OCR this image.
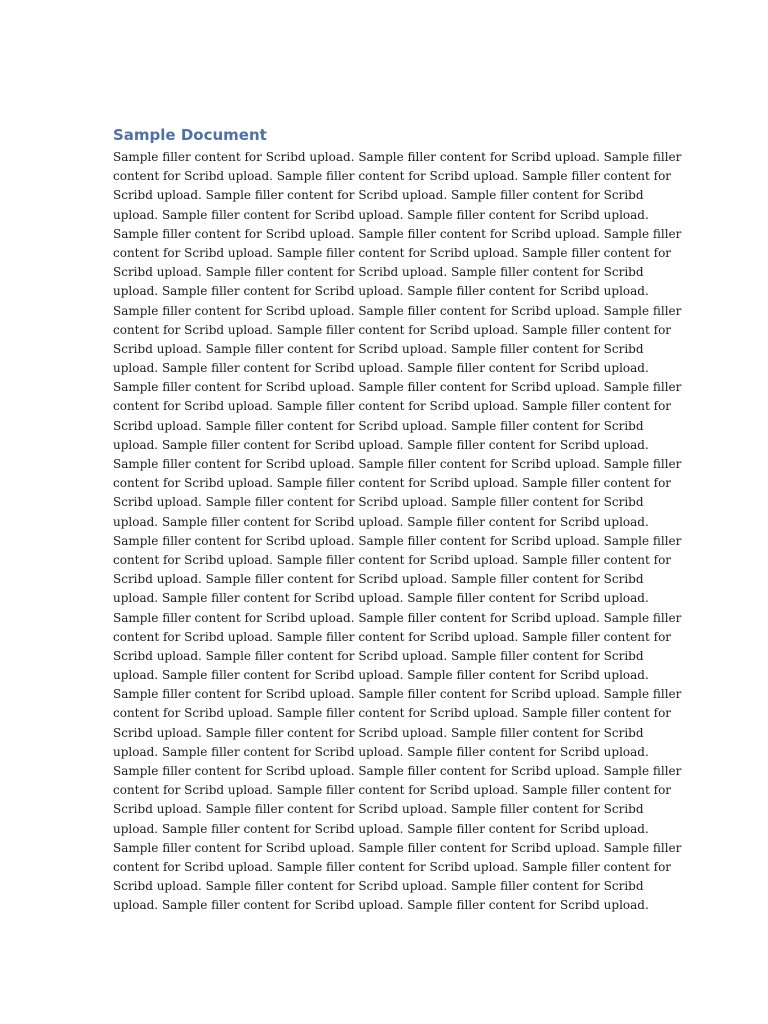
Sample Document
Sample filler content for Scribd upload. Sample filler content for Scribd upload. Sample filler
content for Scribd upload. Sample filler content for Scribd upload. Sample filler content for
Scribd upload. Sample filler content for Scribd upload. Sample filler content for Scribd
upload. Sample filler content for Scribd upload. Sample filler content for Scribd upload.
Sample filler content for Scribd upload. Sample filler content for Scribd upload. Sample filler
content for Scribd upload. Sample filler content for Scribd upload. Sample filler content for
Scribd upload. Sample filler content for Scribd upload. Sample filler content for Scribd
upload. Sample filler content for Scribd upload. Sample filler content for Scribd upload.
Sample filler content for Scribd upload. Sample filler content for Scribd upload. Sample filler
content for Scribd upload. Sample filler content for Scribd upload. Sample filler content for
Scribd upload. Sample filler content for Scribd upload. Sample filler content for Scribd
upload. Sample filler content for Scribd upload. Sample filler content for Scribd upload.
Sample filler content for Scribd upload. Sample filler content for Scribd upload. Sample filler
content for Scribd upload. Sample filler content for Scribd upload. Sample filler content for
Scribd upload. Sample filler content for Scribd upload. Sample filler content for Scribd
upload. Sample filler content for Scribd upload. Sample filler content for Scribd upload.
Sample filler content for Scribd upload. Sample filler content for Scribd upload. Sample filler
content for Scribd upload. Sample filler content for Scribd upload. Sample filler content for
Scribd upload. Sample filler content for Scribd upload. Sample filler content for Scribd
upload. Sample filler content for Scribd upload. Sample filler content for Scribd upload.
Sample filler content for Scribd upload. Sample filler content for Scribd upload. Sample filler
content for Scribd upload. Sample filler content for Scribd upload. Sample filler content for
Scribd upload. Sample filler content for Scribd upload. Sample filler content for Scribd
upload. Sample filler content for Scribd upload. Sample filler content for Scribd upload.
Sample filler content for Scribd upload. Sample filler content for Scribd upload. Sample filler
content for Scribd upload. Sample filler content for Scribd upload. Sample filler content for
Scribd upload. Sample filler content for Scribd upload. Sample filler content for Scribd
upload. Sample filler content for Scribd upload. Sample filler content for Scribd upload.
Sample filler content for Scribd upload. Sample filler content for Scribd upload. Sample filler
content for Scribd upload. Sample filler content for Scribd upload. Sample filler content for
Scribd upload. Sample filler content for Scribd upload. Sample filler content for Scribd
upload. Sample filler content for Scribd upload. Sample filler content for Scribd upload.
Sample filler content for Scribd upload. Sample filler content for Scribd upload. Sample filler
content for Scribd upload. Sample filler content for Scribd upload. Sample filler content for
Scribd upload. Sample filler content for Scribd upload. Sample filler content for Scribd
upload. Sample filler content for Scribd upload. Sample filler content for Scribd upload.
Sample filler content for Scribd upload. Sample filler content for Scribd upload. Sample filler
content for Scribd upload. Sample filler content for Scribd upload. Sample filler content for
Scribd upload. Sample filler content for Scribd upload. Sample filler content for Scribd
upload. Sample filler content for Scribd upload. Sample filler content for Scribd upload.
